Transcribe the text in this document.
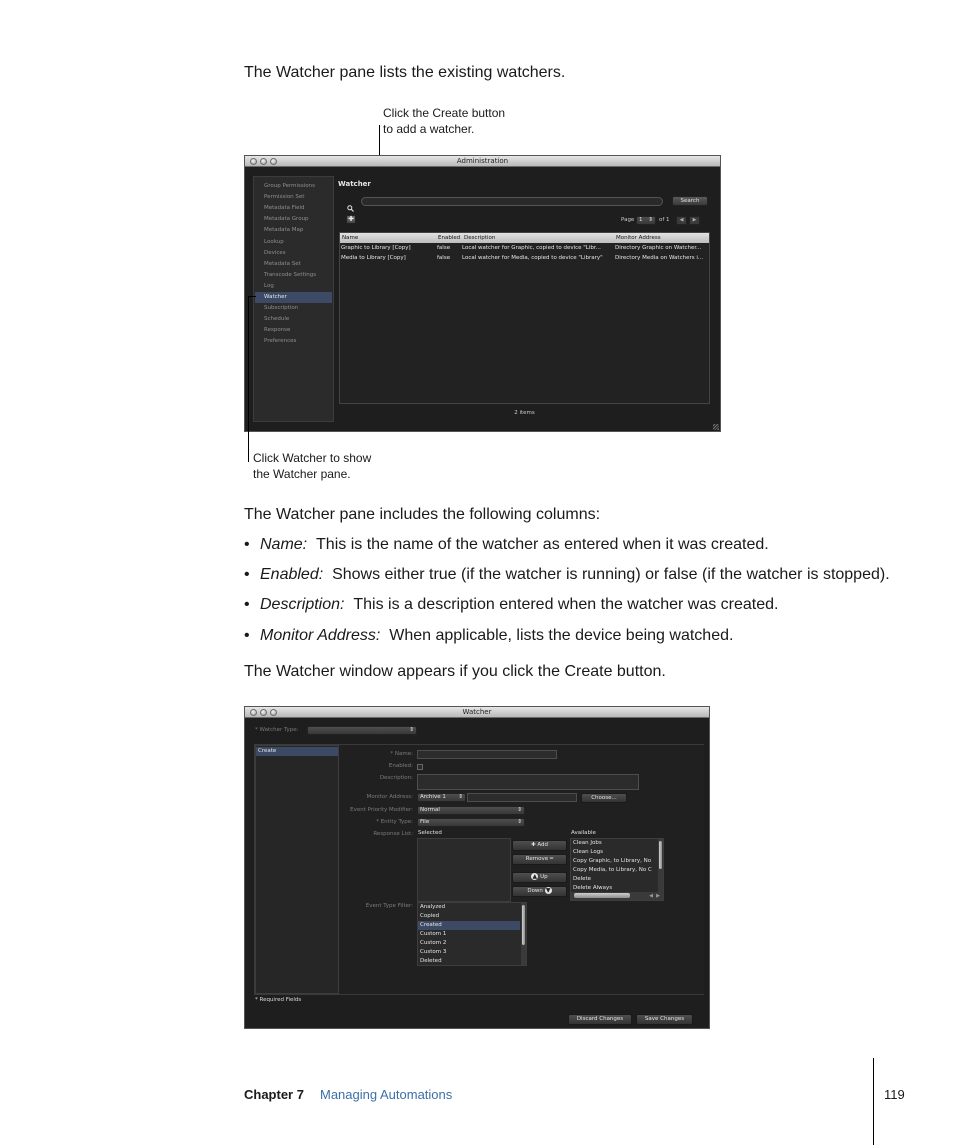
The Watcher pane lists the existing watchers.
Click the Create button
to add a watcher.
Administration
Group Permissions
Permission Set
Metadata Field
Metadata Group
Metadata Map
Lookup
Devices
Metadata Set
Transcode Settings
Log
Watcher
Subscription
Schedule
Response
Preferences
Watcher
Search
✚	Page 1 ⇕ of 1	◀	▶
Name	Enabled Description	Monitor Address
Graphic to Library [Copy]	false	Local watcher for Graphic, copied to device "Libr...	Directory Graphic on Watcher...
Media to Library [Copy]	false	Local watcher for Media, copied to device "Library"	Directory Media on Watchers i...
2 items
Click Watcher to show
the Watcher pane.
The Watcher pane includes the following columns:
• Name: This is the name of the watcher as entered when it was created.
• Enabled: Shows either true (if the watcher is running) or false (if the watcher is stopped).
• Description: This is a description entered when the watcher was created.
• Monitor Address: When applicable, lists the device being watched.
The Watcher window appears if you click the Create button.
Watcher
* Watcher Type:	⇕
Create	* Name:
Enabled:
Description:
Monitor Address:	Archive 1 ⇕	Choose...
Event Priority Modifier:	Normal	⇕
* Entity Type:	File	⇕
Response List: Selected
✚ Add
Remove ━
▲ Up
Down ▼
Available
Clean Jobs
Clean Logs
Copy Graphic, to Library, No
Copy Media, to Library, No C
Delete
Delete Always
◀ ▶
Event Type Filter:	Analyzed
Copied
Created
Custom 1
Custom 2
Custom 3
Deleted
* Required Fields
Discard Changes	Save Changes
Chapter 7 Managing Automations	119
